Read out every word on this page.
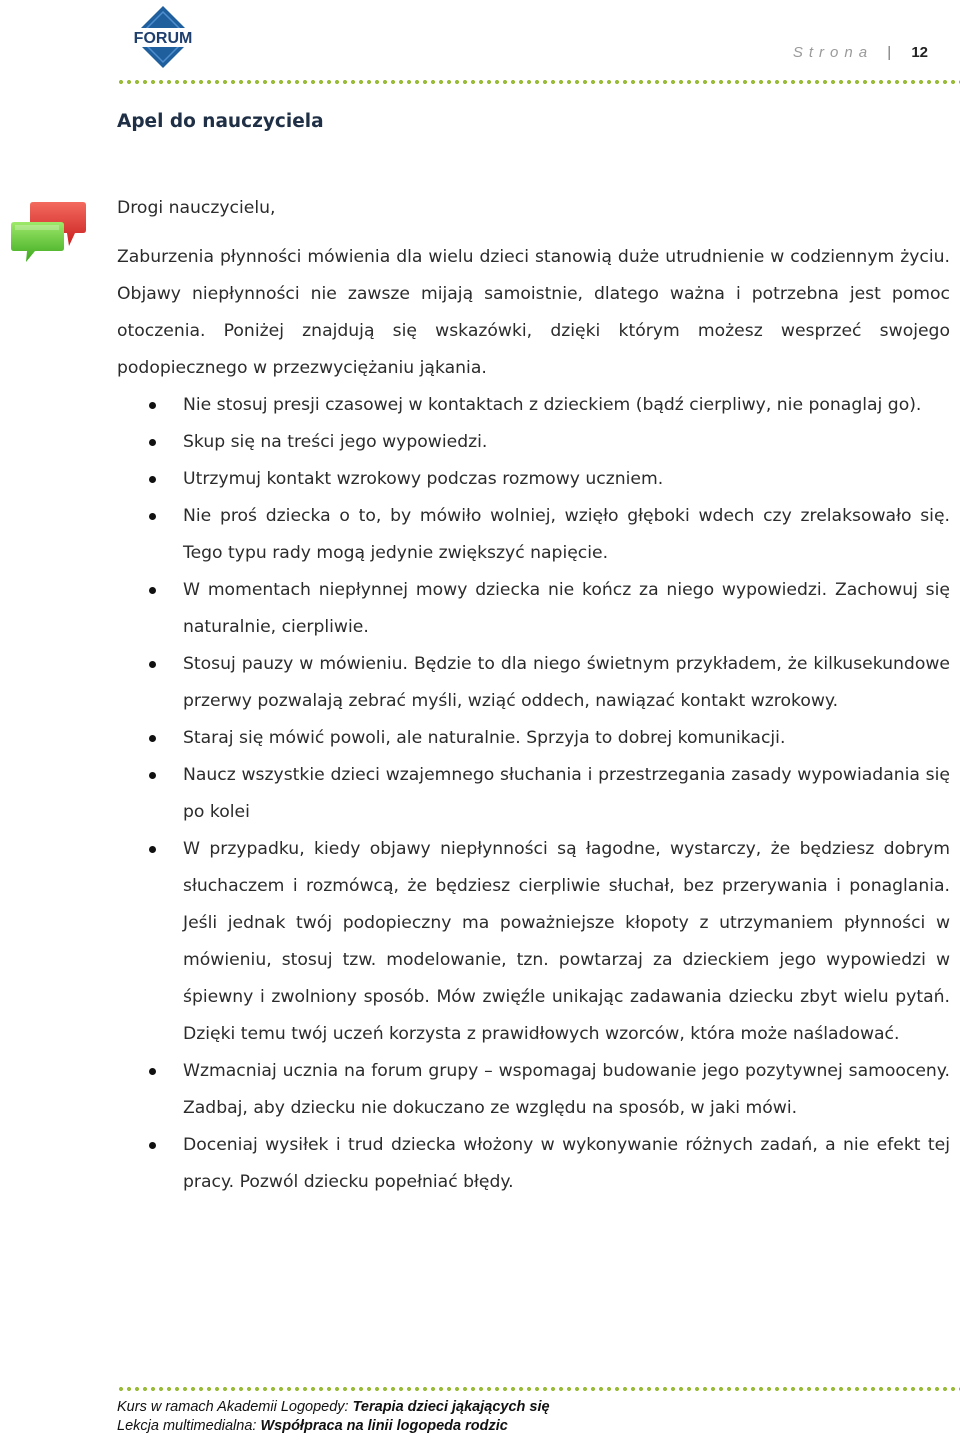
FORUM
Strona | 12
Apel do nauczyciela

Drogi nauczycielu,

Zaburzenia płynności mówienia dla wielu dzieci stanowią duże utrudnienie w codziennym życiu. Objawy niepłynności nie zawsze mijają samoistnie, dlatego ważna i potrzebna jest pomoc otoczenia. Poniżej znajdują się wskazówki, dzięki którym możesz wesprzeć swojego podopiecznego w przezwyciężaniu jąkania.

Nie stosuj presji czasowej w kontaktach z dzieckiem (bądź cierpliwy, nie ponaglaj go).
Skup się na treści jego wypowiedzi.
Utrzymuj kontakt wzrokowy podczas rozmowy uczniem.
Nie proś dziecka o to, by mówiło wolniej, wzięło głęboki wdech czy zrelaksowało się. Tego typu rady mogą jedynie zwiększyć napięcie.
W momentach niepłynnej mowy dziecka nie kończ za niego wypowiedzi. Zachowuj się naturalnie, cierpliwie.
Stosuj pauzy w mówieniu. Będzie to dla niego świetnym przykładem, że kilkusekundowe przerwy pozwalają zebrać myśli, wziąć oddech, nawiązać kontakt wzrokowy.
Staraj się mówić powoli, ale naturalnie. Sprzyja to dobrej komunikacji.
Naucz wszystkie dzieci wzajemnego słuchania i przestrzegania zasady wypowiadania się po kolei
W przypadku, kiedy objawy niepłynności są łagodne, wystarczy, że będziesz dobrym słuchaczem i rozmówcą, że będziesz cierpliwie słuchał, bez przerywania i ponaglania. Jeśli jednak twój podopieczny ma poważniejsze kłopoty z utrzymaniem płynności w mówieniu, stosuj tzw. modelowanie, tzn. powtarzaj za dzieckiem jego wypowiedzi w śpiewny i zwolniony sposób. Mów zwięźle unikając zadawania dziecku zbyt wielu pytań. Dzięki temu twój uczeń korzysta z prawidłowych wzorców, która może naśladować.
Wzmacniaj ucznia na forum grupy – wspomagaj budowanie jego pozytywnej samooceny. Zadbaj, aby dziecku nie dokuczano ze względu na sposób, w jaki mówi.
Doceniaj wysiłek i trud dziecka włożony w wykonywanie różnych zadań, a nie efekt tej pracy. Pozwól dziecku popełniać błędy.
Kurs w ramach Akademii Logopedy: Terapia dzieci jąkających się
Lekcja multimedialna: Współpraca na linii logopeda rodzic
